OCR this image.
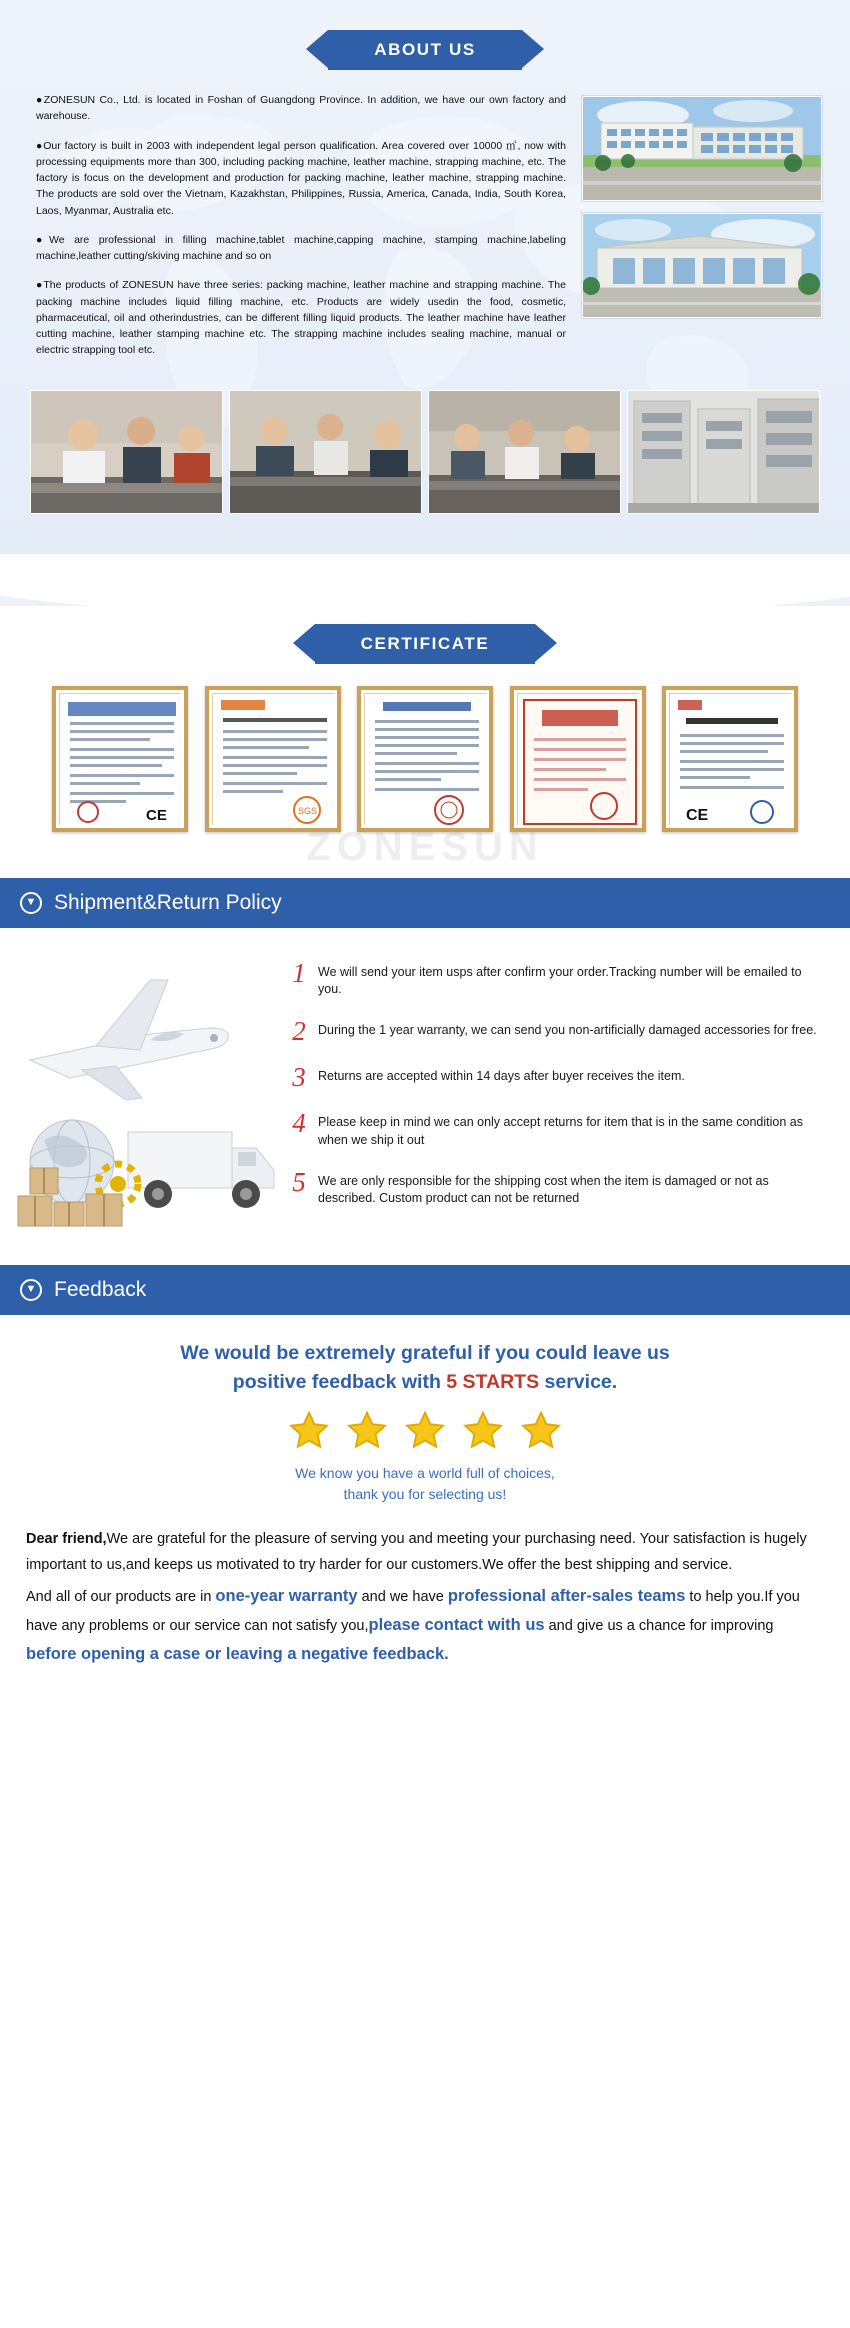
ABOUT US

●ZONESUN Co., Ltd. is located in Foshan of Guangdong Province. In addition, we have our own factory and warehouse.

●Our factory is built in 2003 with independent legal person qualification. Area covered over 10000 ㎡, now with processing equipments more than 300, including packing machine, leather machine, strapping machine, etc. The factory is focus on the development and production for packing machine, leather machine, strapping machine. The products are sold over the Vietnam, Kazakhstan, Philippines, Russia, America, Canada, India, South Korea, Laos, Myanmar, Australia etc.

●We are professional in filling machine,tablet machine,capping machine, stamping machine,labeling machine,leather cutting/skiving machine and so on

●The products of ZONESUN have three series: packing machine, leather machine and strapping machine. The packing machine includes liquid filling machine, etc. Products are widely usedin the food, cosmetic, pharmaceutical, oil and otherindustries, can be different filling liquid products. The leather machine have leather cutting machine, leather stamping machine etc. The strapping machine includes sealing machine, manual or electric strapping tool etc.

CERTIFICATE
CE	SGS	CE
ZONESUN
▼ Shipment&Return Policy
1 We will send your item usps after confirm your order.Tracking number will be emailed to you.
2 During the 1 year warranty, we can send you non-artificially damaged accessories for free.
3 Returns are accepted within 14 days after buyer receives the item.
4 Please keep in mind we can only accept returns for item that is in the same condition as when we ship it out
5 We are only responsible for the shipping cost when the item is damaged or not as described. Custom product can not be returned
▼ Feedback
We would be extremely grateful if you could leave us
positive feedback with 5 STARTS service.

We know you have a world full of choices,
thank you for selecting us!

Dear friend,We are grateful for the pleasure of serving you and meeting your purchasing need. Your satisfaction is hugely important to us,and keeps us motivated to try harder for our customers.We offer the best shipping and service.

And all of our products are in one-year warranty and we have professional after-sales teams to help you.If you have any problems or our service can not satisfy you,please contact with us and give us a chance for improving before opening a case or leaving a negative feedback.
